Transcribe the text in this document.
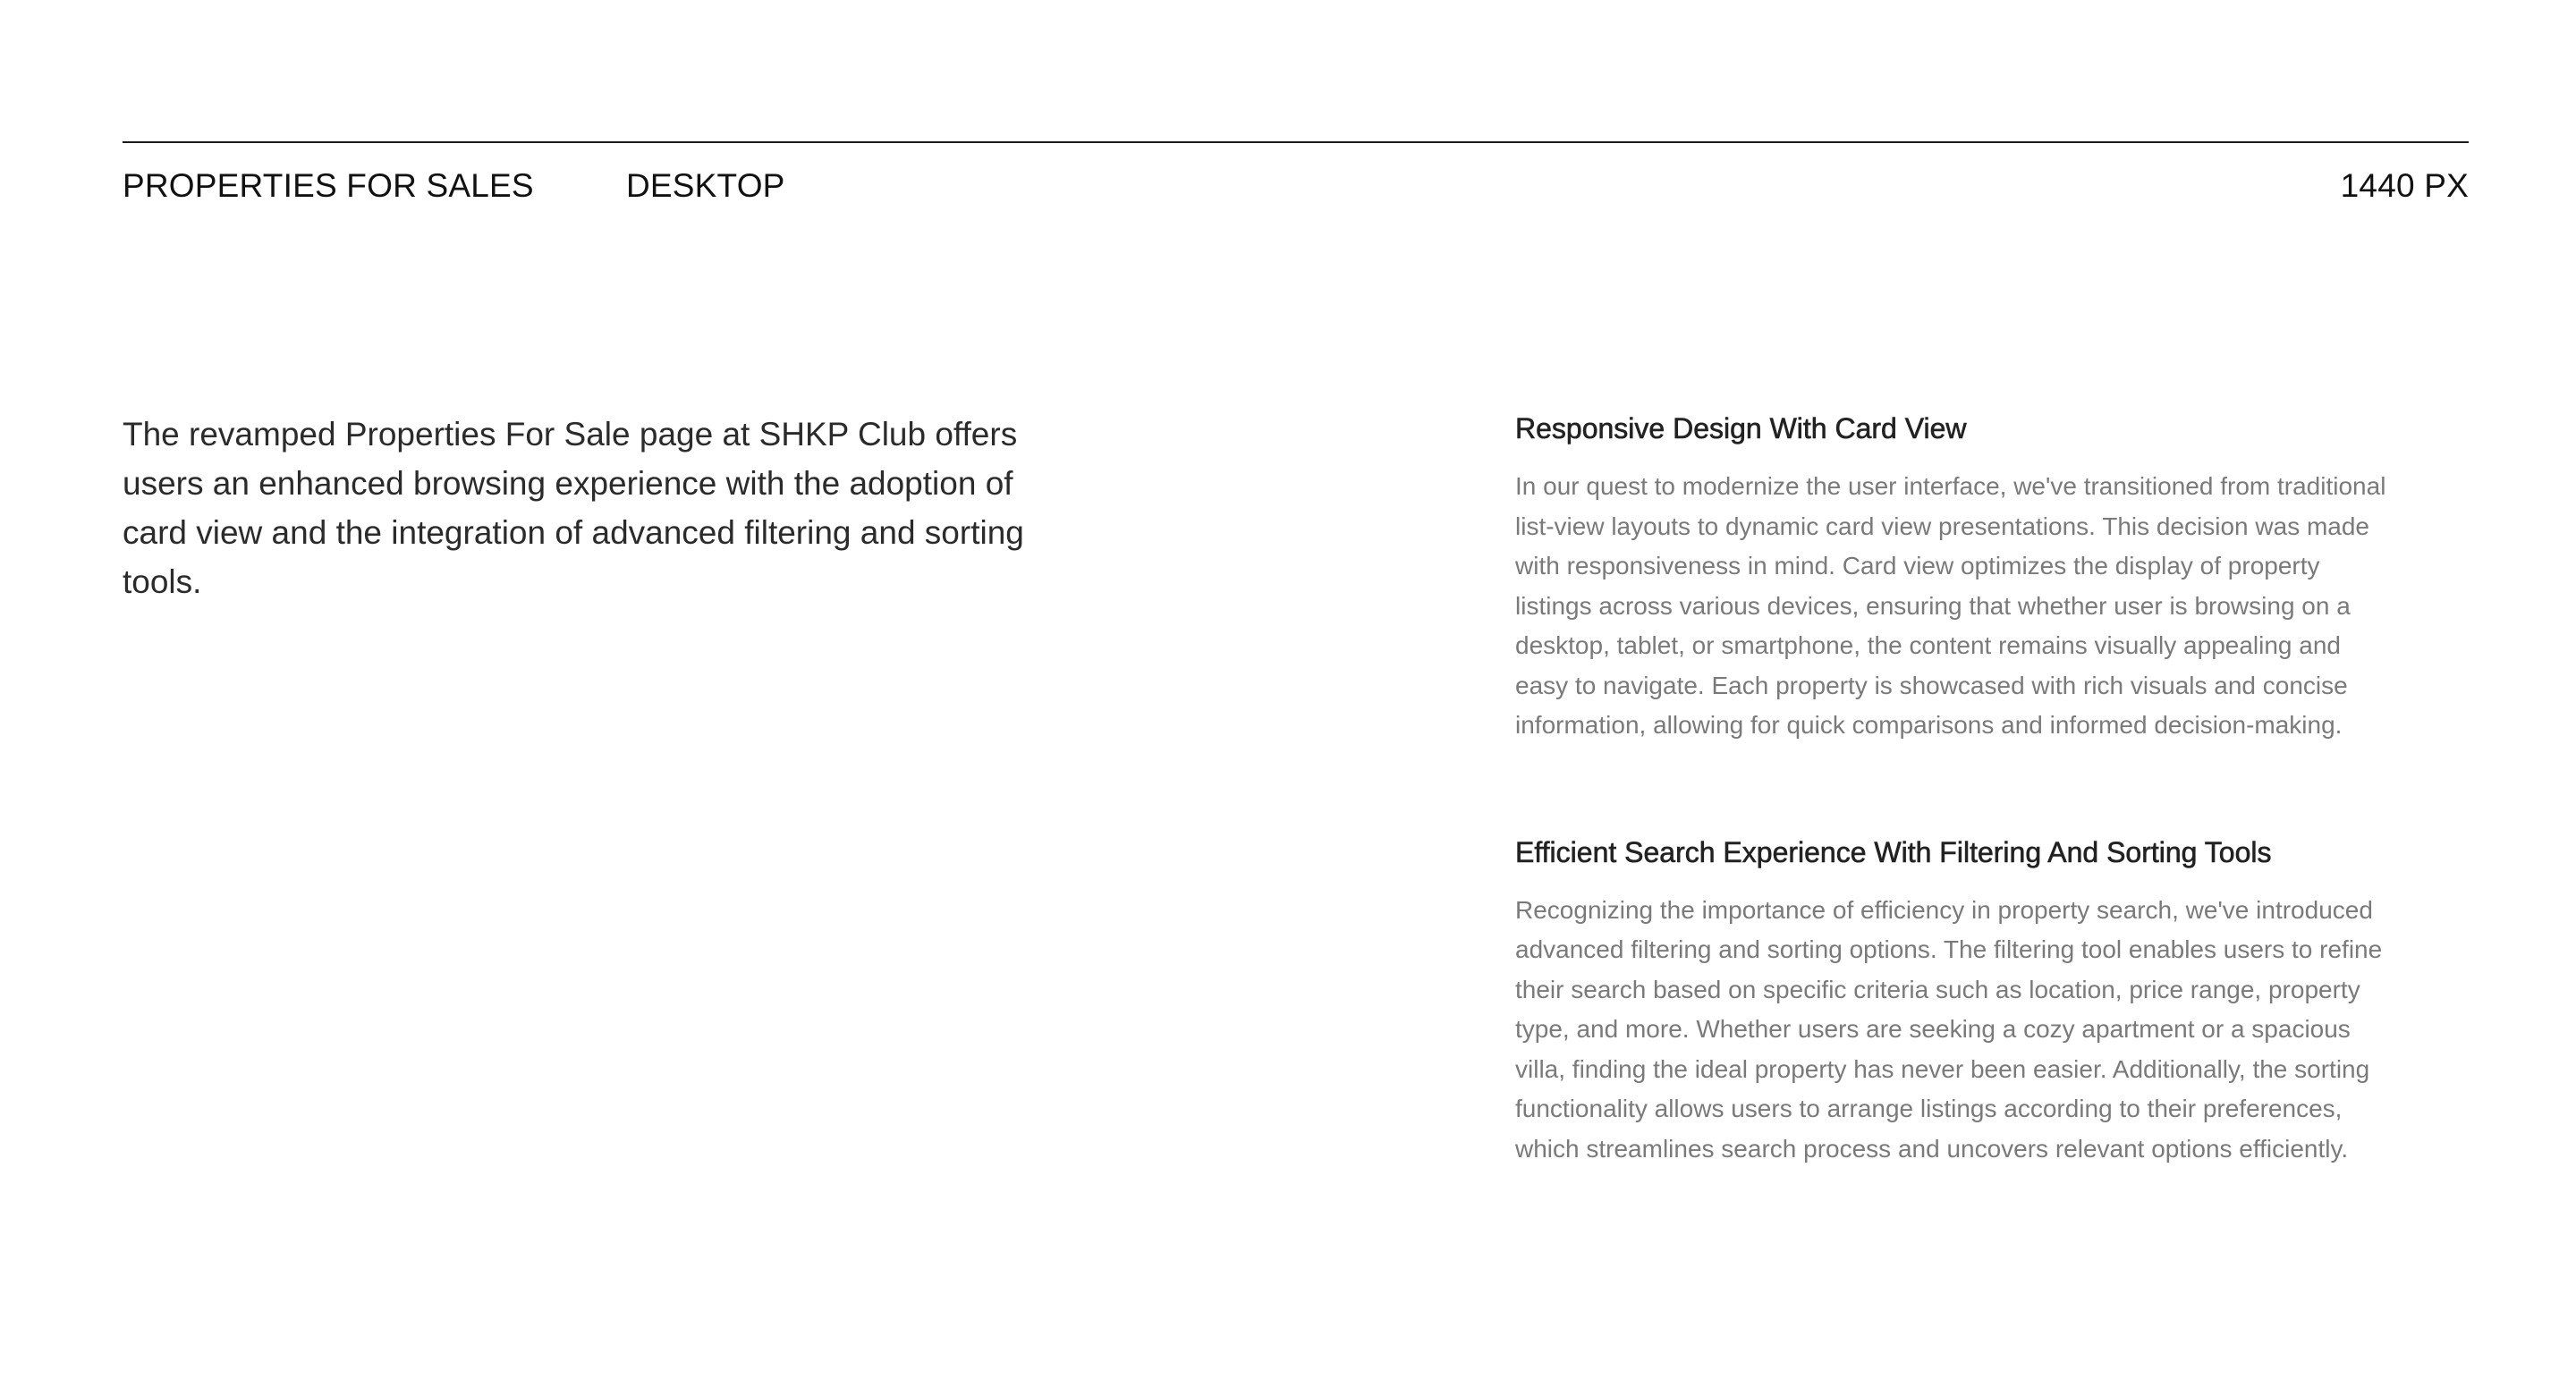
PROPERTIES FOR SALES	DESKTOP	1440 PX

The revamped Properties For Sale page at SHKP Club offers users an enhanced browsing experience with the adoption of card view and the integration of advanced filtering and sorting tools.

Responsive Design With Card View

In our quest to modernize the user interface, we've transitioned from traditional list-view layouts to dynamic card view presentations. This decision was made with responsiveness in mind. Card view optimizes the display of property listings across various devices, ensuring that whether user is browsing on a desktop, tablet, or smartphone, the content remains visually appealing and easy to navigate. Each property is showcased with rich visuals and concise information, allowing for quick comparisons and informed decision-making.

Efficient Search Experience With Filtering And Sorting Tools

Recognizing the importance of efficiency in property search, we've introduced advanced filtering and sorting options. The filtering tool enables users to refine their search based on specific criteria such as location, price range, property type, and more. Whether users are seeking a cozy apartment or a spacious villa, finding the ideal property has never been easier. Additionally, the sorting functionality allows users to arrange listings according to their preferences, which streamlines search process and uncovers relevant options efficiently.
